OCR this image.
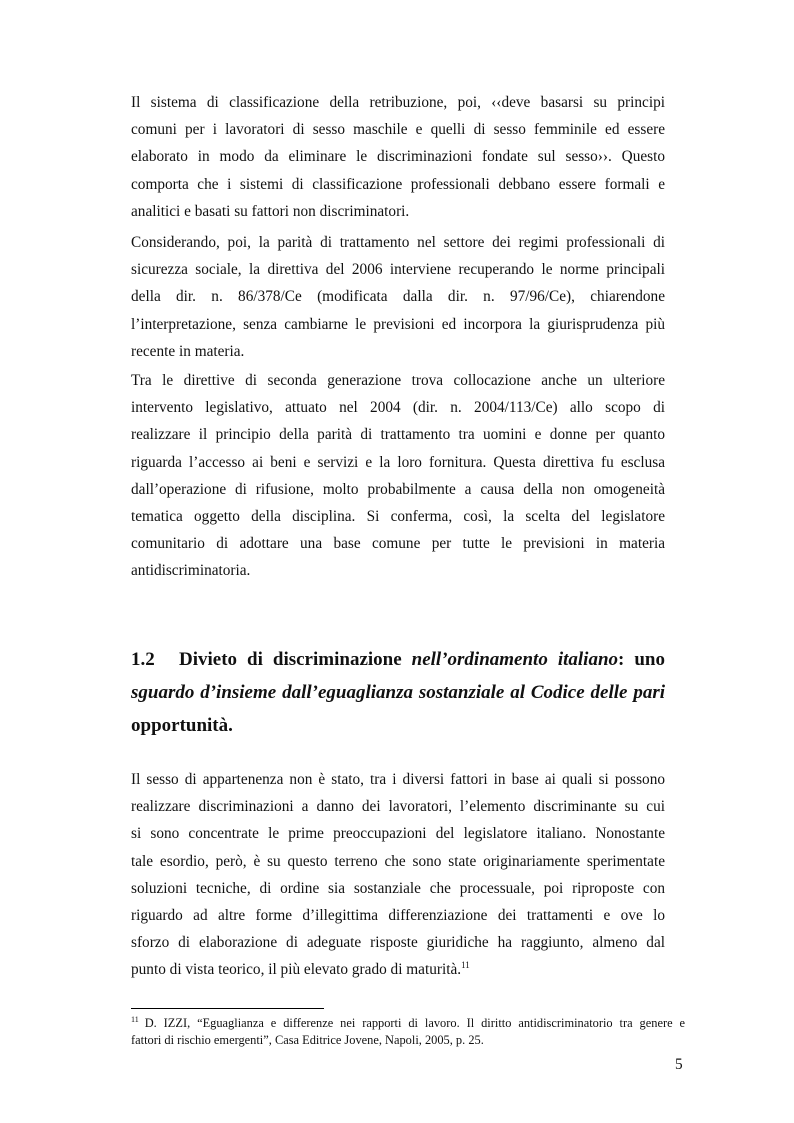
Il sistema di classificazione della retribuzione, poi, ‹‹deve basarsi su principi
comuni per i lavoratori di sesso maschile e quelli di sesso femminile ed essere
elaborato in modo da eliminare le discriminazioni fondate sul sesso››. Questo
comporta che i sistemi di classificazione professionali debbano essere formali e
analitici e basati su fattori non discriminatori.
Considerando, poi, la parità di trattamento nel settore dei regimi professionali di
sicurezza sociale, la direttiva del 2006 interviene recuperando le norme principali
della dir. n. 86/378/Ce (modificata dalla dir. n. 97/96/Ce), chiarendone
l’interpretazione, senza cambiarne le previsioni ed incorpora la giurisprudenza più
recente in materia.
Tra le direttive di seconda generazione trova collocazione anche un ulteriore
intervento legislativo, attuato nel 2004 (dir. n. 2004/113/Ce) allo scopo di
realizzare il principio della parità di trattamento tra uomini e donne per quanto
riguarda l’accesso ai beni e servizi e la loro fornitura. Questa direttiva fu esclusa
dall’operazione di rifusione, molto probabilmente a causa della non omogeneità
tematica oggetto della disciplina. Si conferma, così, la scelta del legislatore
comunitario di adottare una base comune per tutte le previsioni in materia
antidiscriminatoria.
1.2 Divieto di discriminazione nell’ordinamento italiano: uno
sguardo d’insieme dall’eguaglianza sostanziale al Codice delle pari
opportunità.
Il sesso di appartenenza non è stato, tra i diversi fattori in base ai quali si possono
realizzare discriminazioni a danno dei lavoratori, l’elemento discriminante su cui
si sono concentrate le prime preoccupazioni del legislatore italiano. Nonostante
tale esordio, però, è su questo terreno che sono state originariamente sperimentate
soluzioni tecniche, di ordine sia sostanziale che processuale, poi riproposte con
riguardo ad altre forme d’illegittima differenziazione dei trattamenti e ove lo
sforzo di elaborazione di adeguate risposte giuridiche ha raggiunto, almeno dal
punto di vista teorico, il più elevato grado di maturità.$^{11}$
$^{11}$ D. IZZI, “Eguaglianza e differenze nei rapporti di lavoro. Il diritto antidiscriminatorio tra genere e
fattori di rischio emergenti”, Casa Editrice Jovene, Napoli, 2005, p. 25.
5
